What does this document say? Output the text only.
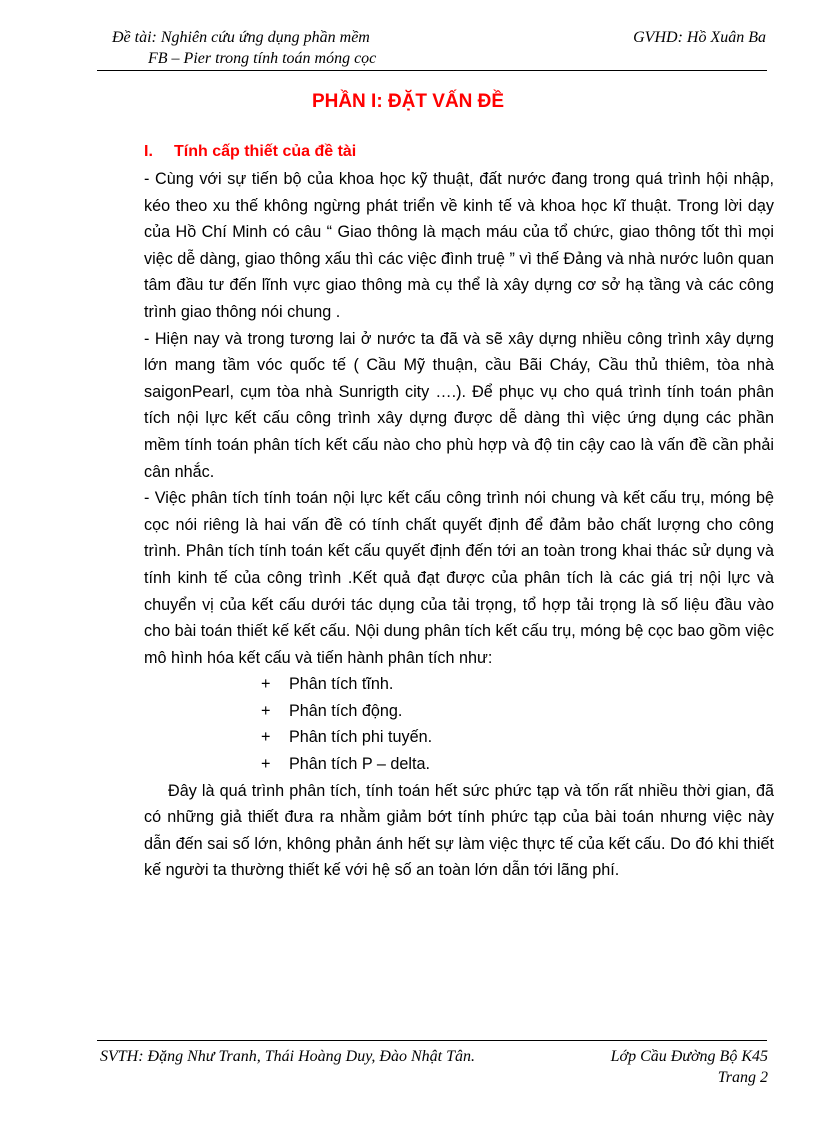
Đề tài: Nghiên cứu ứng dụng phần mềm
FB – Pier trong tính toán móng cọc
GVHD: Hồ Xuân Ba
PHẦN I: ĐẶT VẤN ĐỀ
I. Tính cấp thiết của đề tài

- Cùng với sự tiến bộ của khoa học kỹ thuật, đất nước đang trong quá trình hội nhập, kéo theo xu thế không ngừng phát triển về kinh tế và khoa học kĩ thuật. Trong lời dạy của Hồ Chí Minh có câu “ Giao thông là mạch máu của tổ chức, giao thông tốt thì mọi việc dễ dàng, giao thông xấu thì các việc đình truệ ” vì thế Đảng và nhà nước luôn quan tâm đầu tư đến lĩnh vực giao thông mà cụ thể là xây dựng cơ sở hạ tầng và các công trình giao thông nói chung .

- Hiện nay và trong tương lai ở nước ta đã và sẽ xây dựng nhiều công trình xây dựng lớn mang tầm vóc quốc tế ( Cầu Mỹ thuận, cầu Bãi Cháy, Cầu thủ thiêm, tòa nhà saigonPearl, cụm tòa nhà Sunrigth city ….). Để phục vụ cho quá trình tính toán phân tích nội lực kết cấu công trình xây dựng được dễ dàng thì việc ứng dụng các phần mềm tính toán phân tích kết cấu nào cho phù hợp và độ tin cậy cao là vấn đề cần phải cân nhắc.

- Việc phân tích tính toán nội lực kết cấu công trình nói chung và kết cấu trụ, móng bệ cọc nói riêng là hai vấn đề có tính chất quyết định để đảm bảo chất lượng cho công trình. Phân tích tính toán kết cấu quyết định đến tới an toàn trong khai thác sử dụng và tính kinh tế của công trình .Kết quả đạt được của phân tích là các giá trị nội lực và chuyển vị của kết cấu dưới tác dụng của tải trọng, tổ hợp tải trọng là số liệu đầu vào cho bài toán thiết kế kết cấu. Nội dung phân tích kết cấu trụ, móng bệ cọc bao gồm việc mô hình hóa kết cấu và tiến hành phân tích như:

+ Phân tích tĩnh.
+ Phân tích động.
+ Phân tích phi tuyến.
+ Phân tích P – delta.

Đây là quá trình phân tích, tính toán hết sức phức tạp và tốn rất nhiều thời gian, đã có những giả thiết đưa ra nhằm giảm bớt tính phức tạp của bài toán nhưng việc này dẫn đến sai số lớn, không phản ánh hết sự làm việc thực tế của kết cấu. Do đó khi thiết kế người ta thường thiết kế với hệ số an toàn lớn dẫn tới lãng phí.

SVTH: Đặng Như Tranh, Thái Hoàng Duy, Đào Nhật Tân.	Lớp Cầu Đường Bộ K45
Trang 2
